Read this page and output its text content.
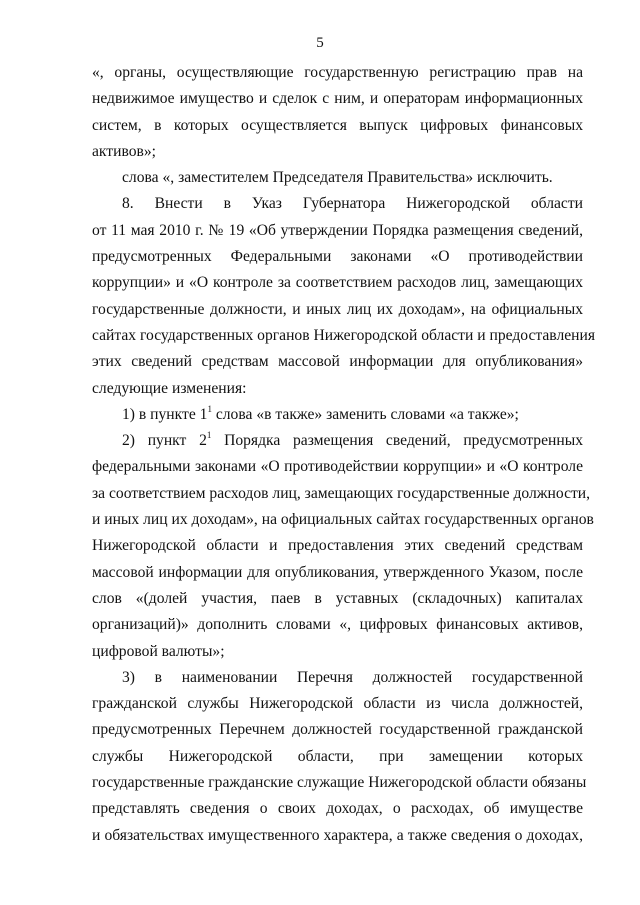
5

«, органы, осуществляющие государственную регистрацию прав на
недвижимое имущество и сделок с ним, и операторам информационных
систем, в которых осуществляется выпуск цифровых финансовых
активов»;

слова «, заместителем Председателя Правительства» исключить.

8. Внести в Указ Губернатора Нижегородской области
от 11 мая 2010 г. № 19 «Об утверждении Порядка размещения сведений,
предусмотренных Федеральными законами «О противодействии
коррупции» и «О контроле за соответствием расходов лиц, замещающих
государственные должности, и иных лиц их доходам», на официальных
сайтах государственных органов Нижегородской области и предоставления
этих сведений средствам массовой информации для опубликования»
следующие изменения:

1) в пункте $1^1$ слова «в также» заменить словами «а также»;

2) пункт $2^1$ Порядка размещения сведений, предусмотренных
федеральными законами «О противодействии коррупции» и «О контроле
за соответствием расходов лиц, замещающих государственные должности,
и иных лиц их доходам», на официальных сайтах государственных органов
Нижегородской области и предоставления этих сведений средствам
массовой информации для опубликования, утвержденного Указом, после
слов «(долей участия, паев в уставных (складочных) капиталах
организаций)» дополнить словами «, цифровых финансовых активов,
цифровой валюты»;

3) в наименовании Перечня должностей государственной
гражданской службы Нижегородской области из числа должностей,
предусмотренных Перечнем должностей государственной гражданской
службы Нижегородской области, при замещении которых
государственные гражданские служащие Нижегородской области обязаны
представлять сведения о своих доходах, о расходах, об имуществе
и обязательствах имущественного характера, а также сведения о доходах,
